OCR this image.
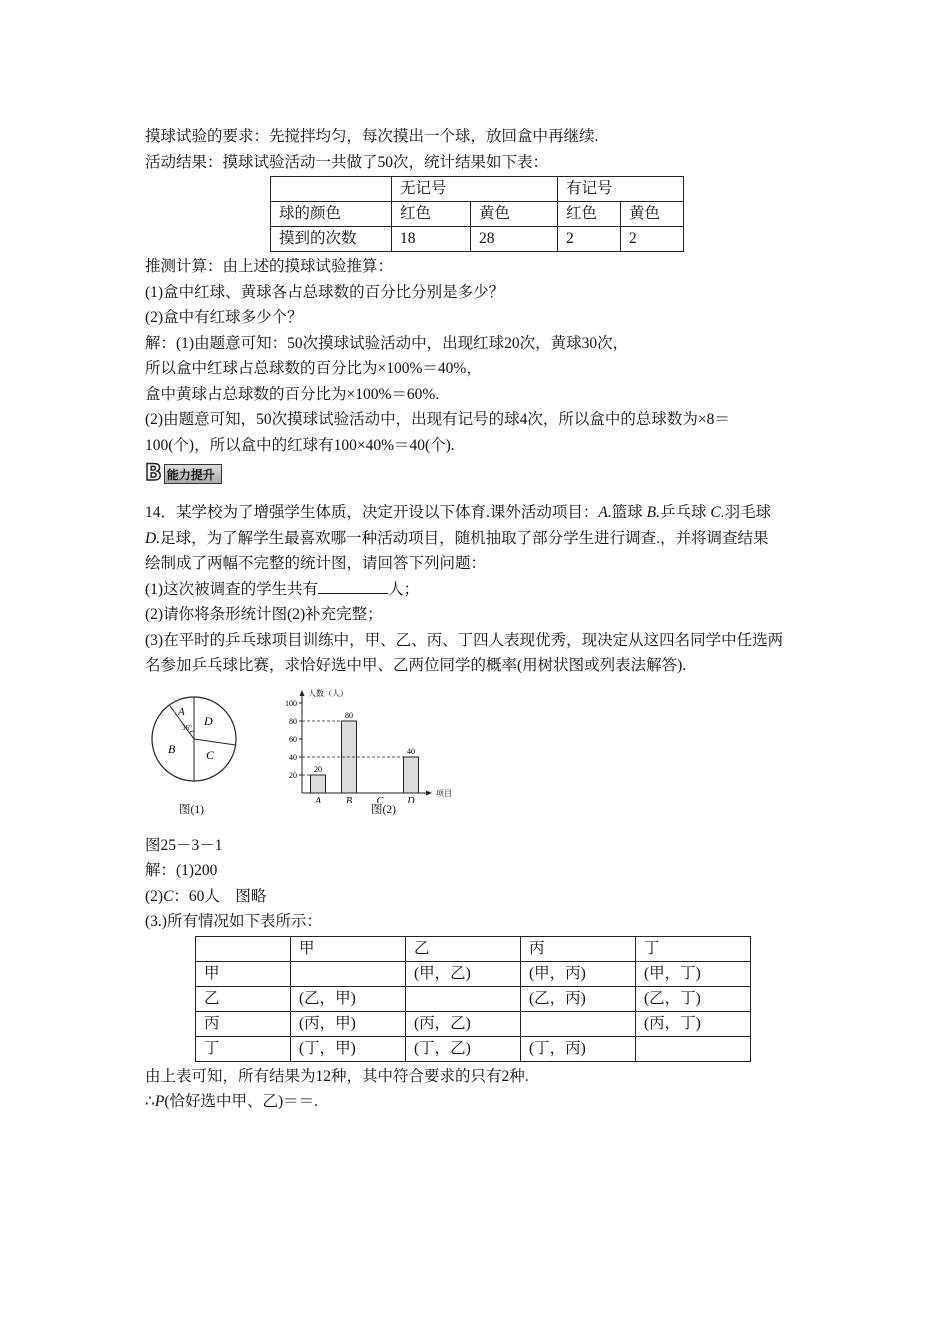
摸球试验的要求：先搅拌均匀，每次摸出一个球，放回盒中再继续.
活动结果：摸球试验活动一共做了50次，统计结果如下表：
	无记号		有记号	
球的颜色	红色	黄色	红色	黄色
摸到的次数	18	28	2	2
推测计算：由上述的摸球试验推算：
(1)盒中红球、黄球各占总球数的百分比分别是多少？
(2)盒中有红球多少个？
解：(1)由题意可知：50次摸球试验活动中，出现红球20次，黄球30次，
所以盒中红球占总球数的百分比为×100%＝40%，
盒中黄球占总球数的百分比为×100%＝60%.
(2)由题意可知，50次摸球试验活动中，出现有记号的球4次，所以盒中的总球数为×8＝
100(个)，所以盒中的红球有100×40%＝40(个).
B 能力提升
14．某学校为了增强学生体质，决定开设以下体育.课外活动项目：A.篮球 B.乒乓球 C.羽毛球
D.足球，为了解学生最喜欢哪一种活动项目，随机抽取了部分学生进行调查.，并将调查结果
绘制成了两幅不完整的统计图，请回答下列问题：
(1)这次被调查的学生共有	人；
(2)请你将条形统计图(2)补充完整；
(3)在平时的乒乓球项目训练中，甲、乙、丙、丁四人表现优秀，现决定从这四名同学中任选两
名参加乒乓球比赛，求恰好选中甲、乙两位同学的概率(用树状图或列表法解答).
A
B	C
D
36°
图(1)
人数（人）
项目
20
40
60
80
100
20
A
80
B C
40
D
图(2)
图25－3－1
解：(1)200
(2)C：60人　图略
(3.)所有情况如下表所示：
	甲	乙	丙	丁
甲		(甲，乙)	(甲，丙)	(甲，丁)
乙	(乙，甲)		(乙，丙)	(乙，丁)
丙	(丙，甲)	(丙，乙)		(丙，丁)
丁	(丁，甲)	(丁，乙)	(丁，丙)	
由上表可知，所有结果为12种，其中符合要求的只有2种.
∴P(恰好选中甲、乙)＝＝.
